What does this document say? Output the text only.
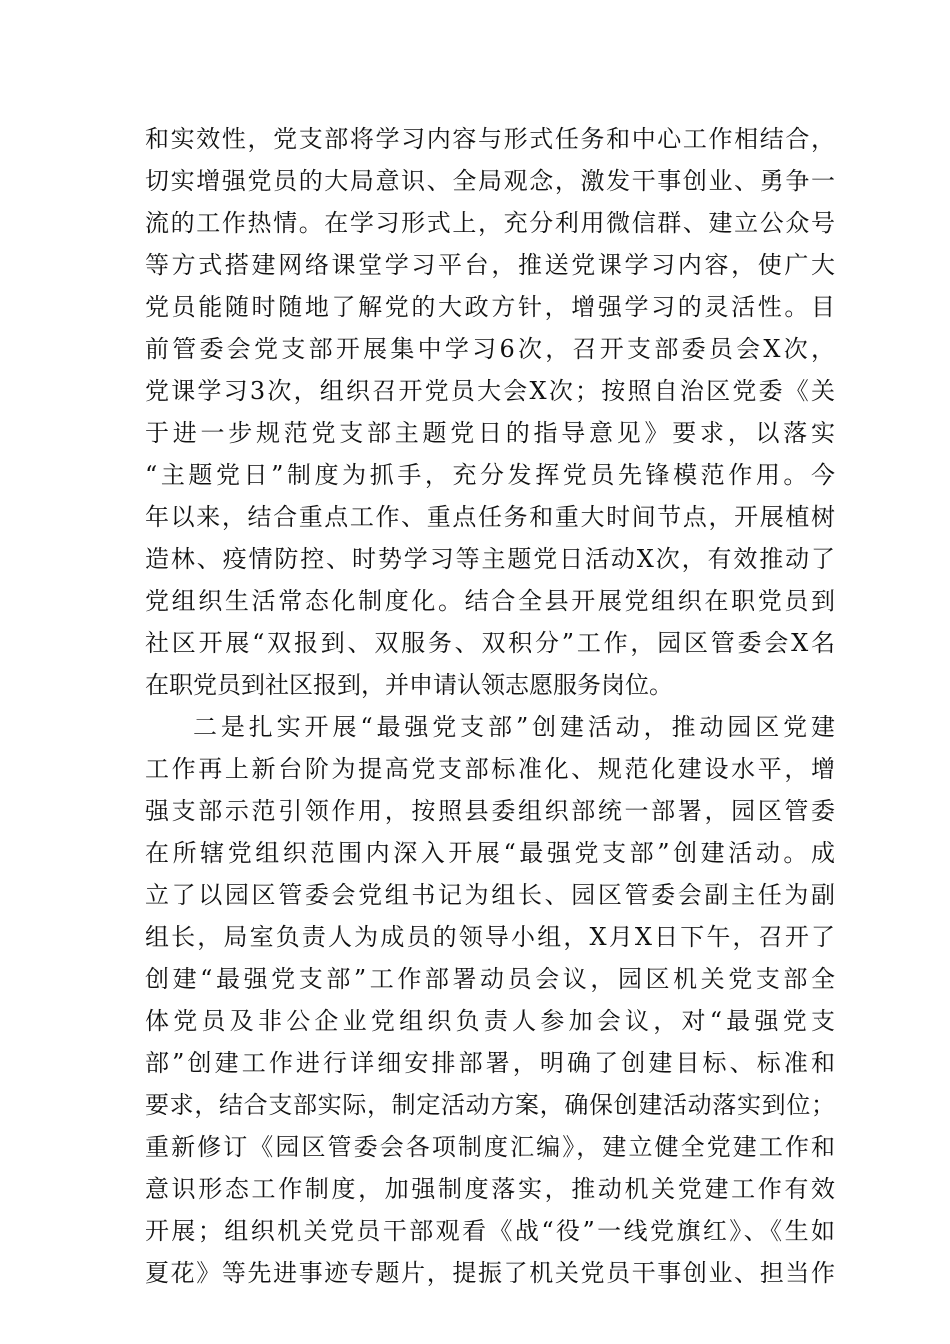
和实效性，党支部将学习内容与形式任务和中心工作相结合，
切实增强党员的大局意识、全局观念，激发干事创业、勇争一
流的工作热情。在学习形式上，充分利用微信群、建立公众号
等方式搭建网络课堂学习平台，推送党课学习内容，使广大
党员能随时随地了解党的大政方针，增强学习的灵活性。目
前管委会党支部开展集中学习6次，召开支部委员会X次，
党课学习3次，组织召开党员大会X次；按照自治区党委《关
于进一步规范党支部主题党日的指导意见》要求，以落实
“主题党日”制度为抓手，充分发挥党员先锋模范作用。今
年以来，结合重点工作、重点任务和重大时间节点，开展植树
造林、疫情防控、时势学习等主题党日活动X次，有效推动了
党组织生活常态化制度化。结合全县开展党组织在职党员到
社区开展“双报到、双服务、双积分”工作，园区管委会X名
在职党员到社区报到，并申请认领志愿服务岗位。
二是扎实开展“最强党支部”创建活动，推动园区党建
工作再上新台阶为提高党支部标准化、规范化建设水平，增
强支部示范引领作用，按照县委组织部统一部署，园区管委
在所辖党组织范围内深入开展“最强党支部”创建活动。成
立了以园区管委会党组书记为组长、园区管委会副主任为副
组长，局室负责人为成员的领导小组，X月X日下午，召开了
创建“最强党支部”工作部署动员会议，园区机关党支部全
体党员及非公企业党组织负责人参加会议，对“最强党支
部”创建工作进行详细安排部署，明确了创建目标、标准和
要求，结合支部实际，制定活动方案，确保创建活动落实到位；
重新修订《园区管委会各项制度汇编》，建立健全党建工作和
意识形态工作制度，加强制度落实，推动机关党建工作有效
开展；组织机关党员干部观看《战“役”一线党旗红》、《生如
夏花》等先进事迹专题片，提振了机关党员干事创业、担当作
